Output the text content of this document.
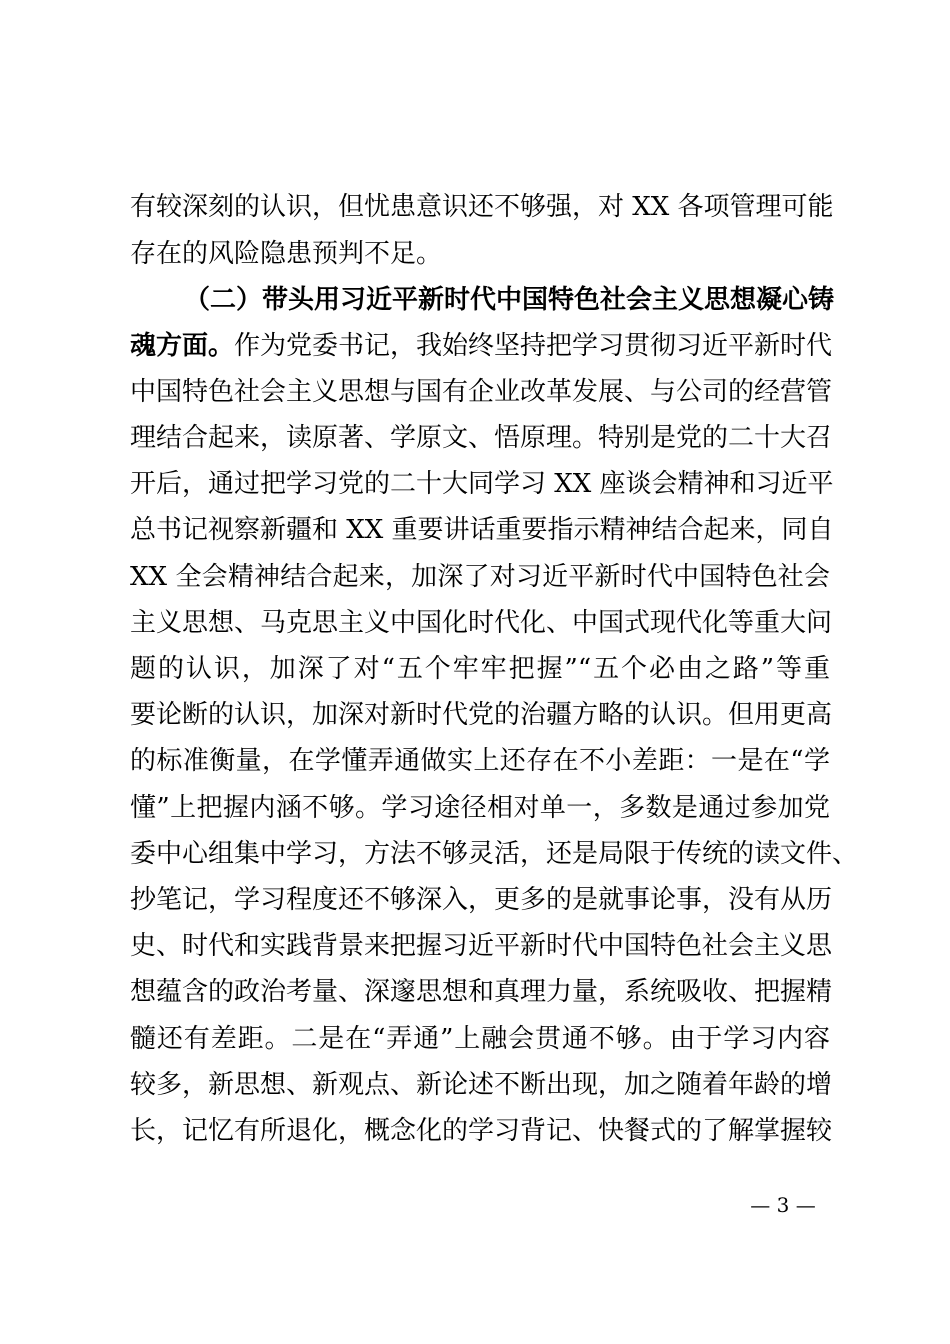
有较深刻的认识，但忧患意识还不够强，对 XX 各项管理可能
存在的风险隐患预判不足。
（二）带头用习近平新时代中国特色社会主义思想凝心铸
魂方面。作为党委书记，我始终坚持把学习贯彻习近平新时代
中国特色社会主义思想与国有企业改革发展、与公司的经营管
理结合起来，读原著、学原文、悟原理。特别是党的二十大召
开后，通过把学习党的二十大同学习 XX 座谈会精神和习近平
总书记视察新疆和 XX 重要讲话重要指示精神结合起来，同自
XX 全会精神结合起来，加深了对习近平新时代中国特色社会
主义思想、马克思主义中国化时代化、中国式现代化等重大问
题的认识，加深了对“五个牢牢把握”“五个必由之路”等重
要论断的认识，加深对新时代党的治疆方略的认识。但用更高
的标准衡量，在学懂弄通做实上还存在不小差距：一是在“学
懂”上把握内涵不够。学习途径相对单一，多数是通过参加党
委中心组集中学习，方法不够灵活，还是局限于传统的读文件、
抄笔记，学习程度还不够深入，更多的是就事论事，没有从历
史、时代和实践背景来把握习近平新时代中国特色社会主义思
想蕴含的政治考量、深邃思想和真理力量，系统吸收、把握精
髓还有差距。二是在“弄通”上融会贯通不够。由于学习内容
较多，新思想、新观点、新论述不断出现，加之随着年龄的增
长，记忆有所退化，概念化的学习背记、快餐式的了解掌握较
— 3 —
